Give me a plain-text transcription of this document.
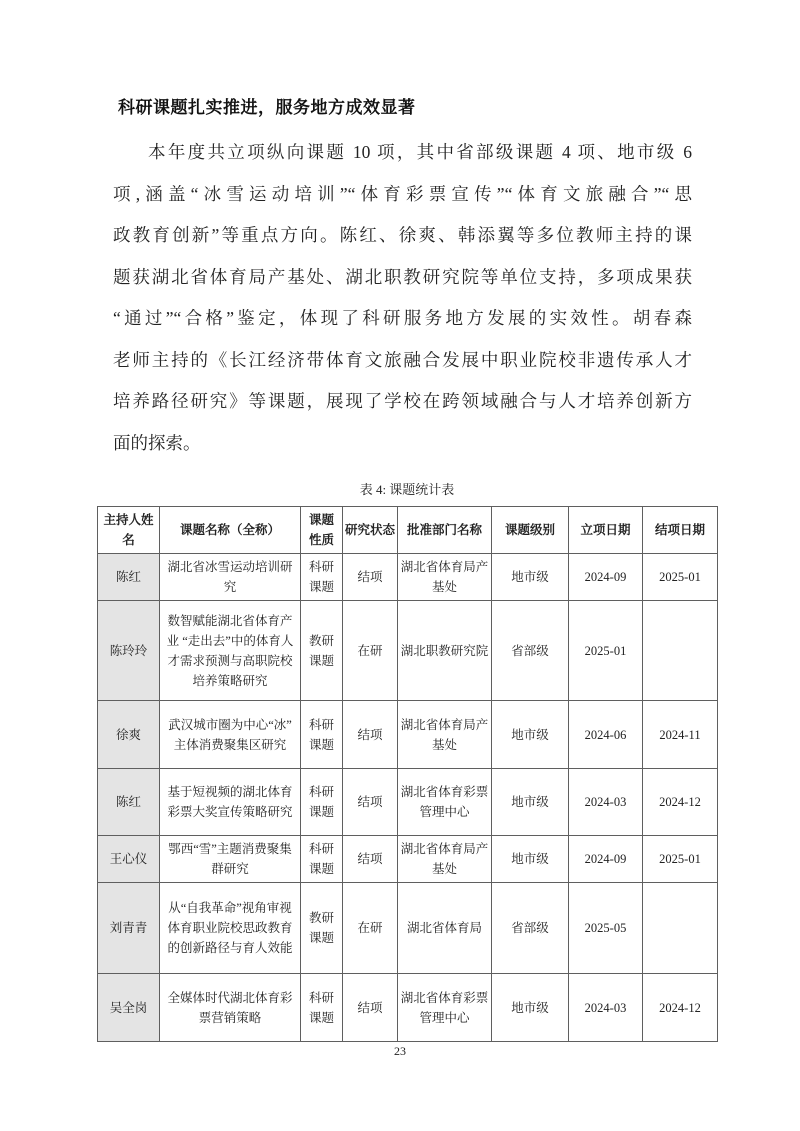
科研课题扎实推进，服务地方成效显著
本年度共立项纵向课题 10 项，其中省部级课题 4 项、地市级 6
项,涵盖“冰雪运动培训”“体育彩票宣传”“体育文旅融合”“思
政教育创新”等重点方向。陈红、徐爽、韩添翼等多位教师主持的课
题获湖北省体育局产基处、湖北职教研究院等单位支持，多项成果获
“通过”“合格”鉴定，体现了科研服务地方发展的实效性。胡春森
老师主持的《长江经济带体育文旅融合发展中职业院校非遗传承人才
培养路径研究》等课题，展现了学校在跨领域融合与人才培养创新方
面的探索。
表 4: 课题统计表
主持人姓名	课题名称（全称）	课题性质	研究状态	批准部门名称	课题级别	立项日期	结项日期
陈红	湖北省冰雪运动培训研究	科研课题	结项	湖北省体育局产基处	地市级	2024-09	2025-01
陈玲玲	数智赋能湖北省体育产业 “走出去”中的体育人才需求预测与高职院校培养策略研究	教研课题	在研	湖北职教研究院	省部级	2025-01	
徐爽	武汉城市圈为中心“冰”主体消费聚集区研究	科研课题	结项	湖北省体育局产基处	地市级	2024-06	2024-11
陈红	基于短视频的湖北体育彩票大奖宣传策略研究	科研课题	结项	湖北省体育彩票管理中心	地市级	2024-03	2024-12
王心仪	鄂西“雪”主题消费聚集群研究	科研课题	结项	湖北省体育局产基处	地市级	2024-09	2025-01
刘青青	从“自我革命”视角审视体育职业院校思政教育的创新路径与育人效能	教研课题	在研	湖北省体育局	省部级	2025-05	
吴全岗	全媒体时代湖北体育彩票营销策略	科研课题	结项	湖北省体育彩票管理中心	地市级	2024-03	2024-12
23
